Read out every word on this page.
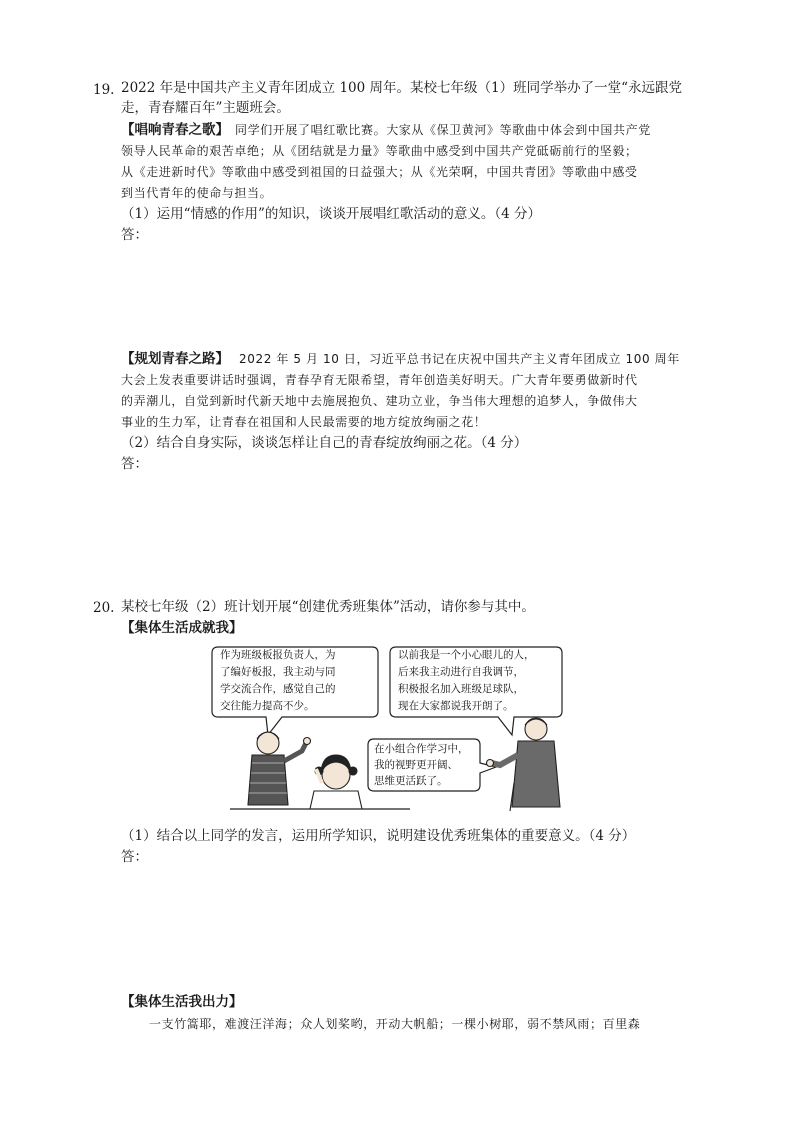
19. 2022 年是中国共产主义青年团成立 100 周年。某校七年级（1）班同学举办了一堂“永远跟党
走，青春耀百年”主题班会。
【唱响青春之歌】 同学们开展了唱红歌比赛。大家从《保卫黄河》等歌曲中体会到中国共产党
领导人民革命的艰苦卓绝；从《团结就是力量》等歌曲中感受到中国共产党砥砺前行的坚毅；
从《走进新时代》等歌曲中感受到祖国的日益强大；从《光荣啊，中国共青团》等歌曲中感受
到当代青年的使命与担当。
（1）运用“情感的作用”的知识，谈谈开展唱红歌活动的意义。（4 分）
答：
【规划青春之路】 2022 年 5 月 10 日，习近平总书记在庆祝中国共产主义青年团成立 100 周年
大会上发表重要讲话时强调，青春孕育无限希望，青年创造美好明天。广大青年要勇做新时代
的弄潮儿，自觉到新时代新天地中去施展抱负、建功立业，争当伟大理想的追梦人，争做伟大
事业的生力军，让青春在祖国和人民最需要的地方绽放绚丽之花！
（2）结合自身实际，谈谈怎样让自己的青春绽放绚丽之花。（4 分）
答：
20. 某校七年级（2）班计划开展“创建优秀班集体”活动，请你参与其中。
【集体生活成就我】
作为班级板报负责人，为
了编好板报，我主动与同
学交流合作，感觉自己的
交往能力提高不少。
以前我是一个小心眼儿的人，
后来我主动进行自我调节，
积极报名加入班级足球队，
现在大家都说我开朗了。
在小组合作学习中，
我的视野更开阔、
思维更活跃了。
（1）结合以上同学的发言，运用所学知识，说明建设优秀班集体的重要意义。（4 分）
答：
【集体生活我出力】
一支竹篙耶，难渡汪洋海；众人划桨哟，开动大帆船；一棵小树耶，弱不禁风雨；百里森
